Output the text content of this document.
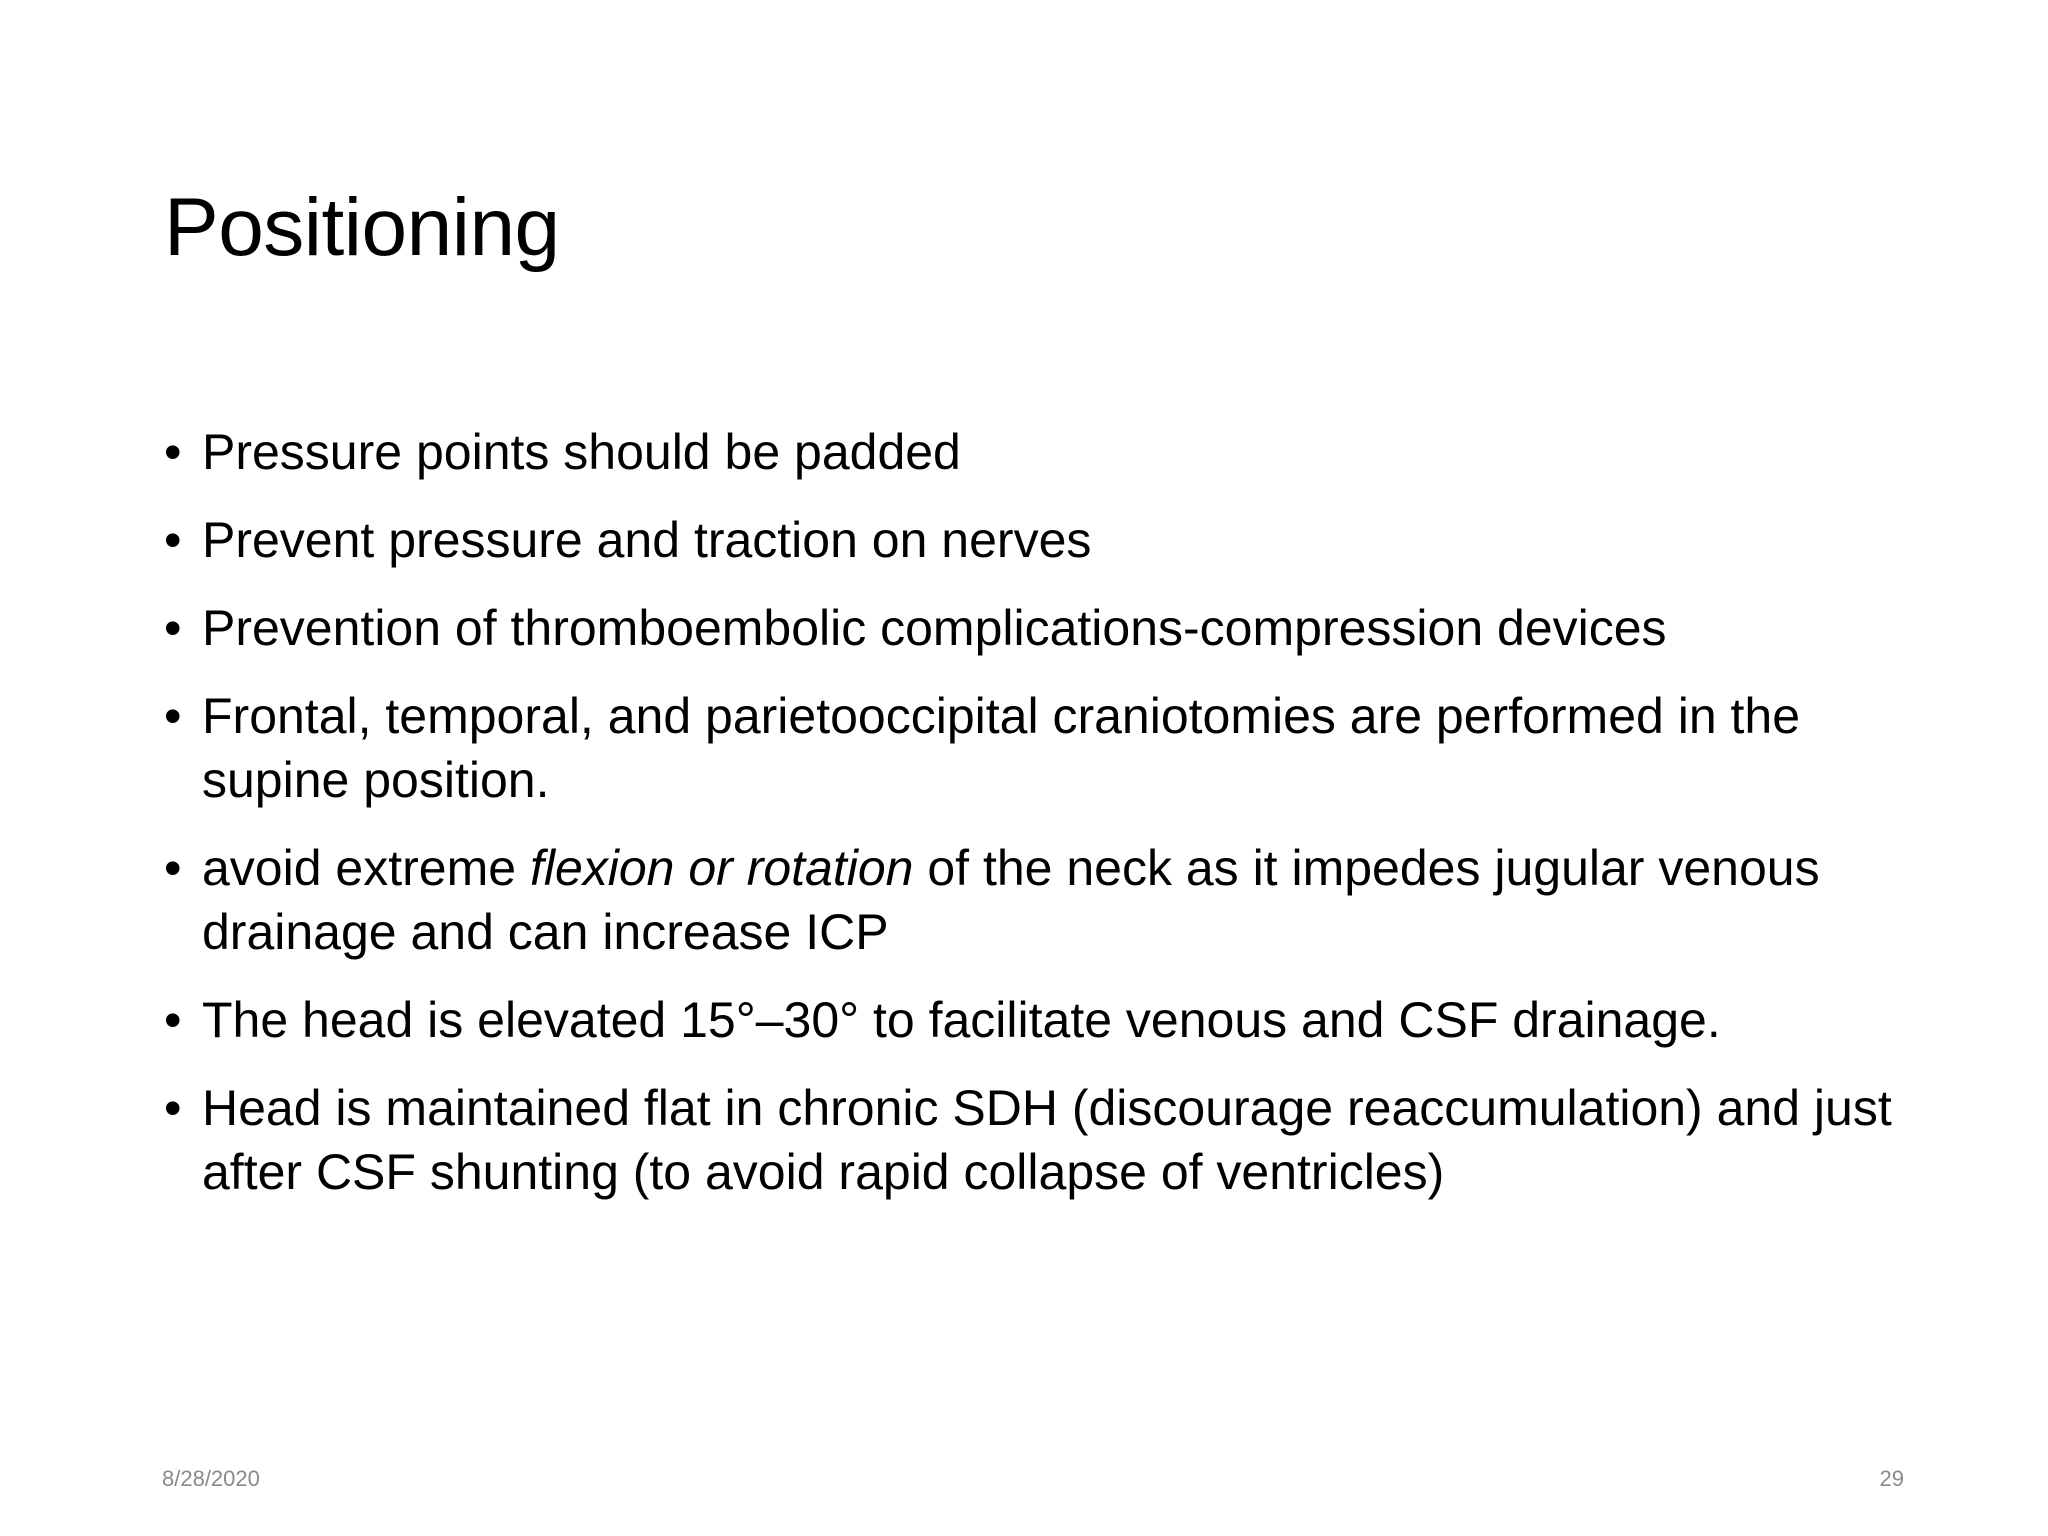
Positioning
• Pressure points should be padded
• Prevent pressure and traction on nerves
• Prevention of thromboembolic complications-compression devices
• Frontal, temporal, and parietooccipital craniotomies are performed in the supine position.
• avoid extreme flexion or rotation of the neck as it impedes jugular venous drainage and can increase ICP
• The head is elevated 15°–30° to facilitate venous and CSF drainage.
• Head is maintained flat in chronic SDH (discourage reaccumulation) and just after CSF shunting (to avoid rapid collapse of ventricles)
8/28/2020	29
